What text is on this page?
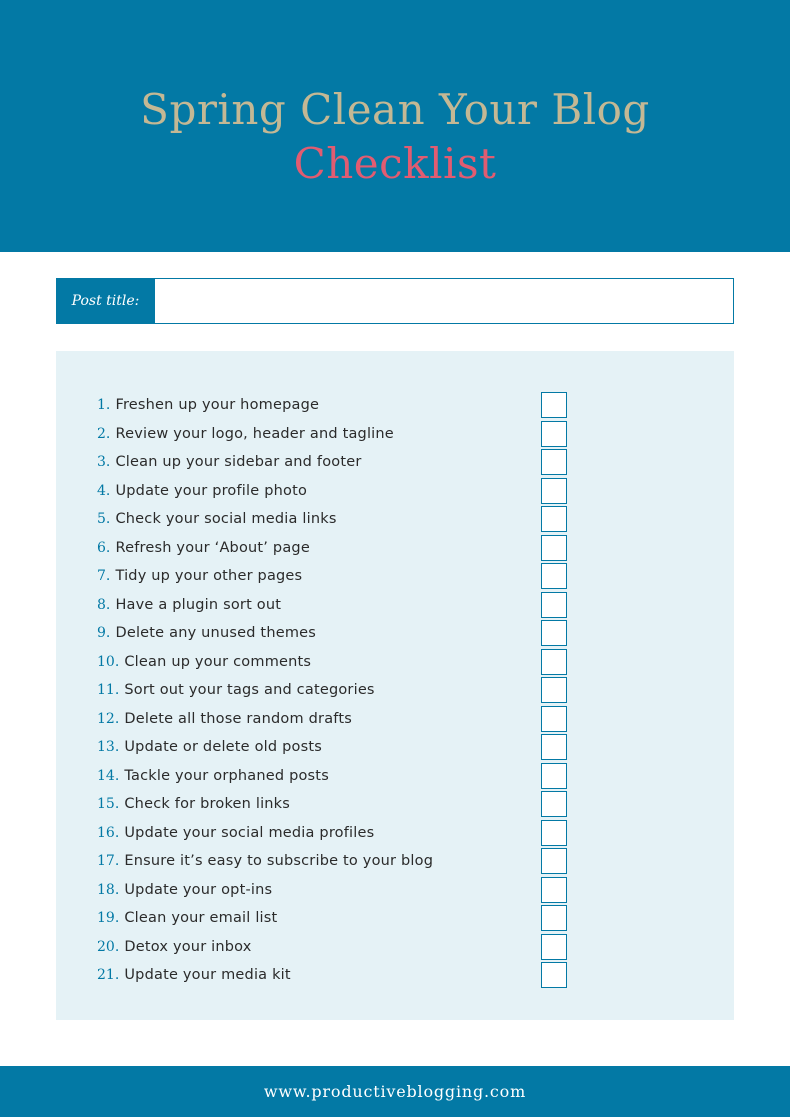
Spring Clean Your Blog
Checklist
Post title:
1. Freshen up your homepage
2. Review your logo, header and tagline
3. Clean up your sidebar and footer
4. Update your profile photo
5. Check your social media links
6. Refresh your ‘About’ page
7. Tidy up your other pages
8. Have a plugin sort out
9. Delete any unused themes
10. Clean up your comments
11. Sort out your tags and categories
12. Delete all those random drafts
13. Update or delete old posts
14. Tackle your orphaned posts
15. Check for broken links
16. Update your social media profiles
17. Ensure it’s easy to subscribe to your blog
18. Update your opt-ins
19. Clean your email list
20. Detox your inbox
21. Update your media kit
www.productiveblogging.com
